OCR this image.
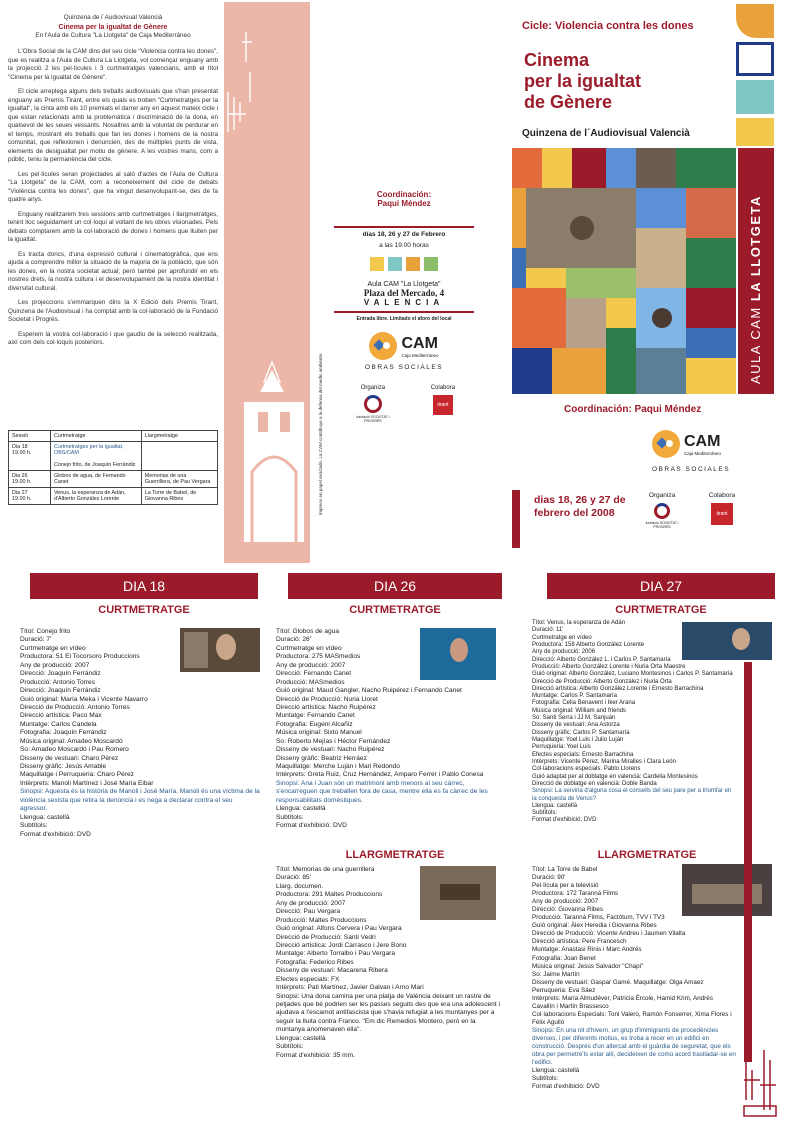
Quinzena de l´Audiovisual Valencià
Cinema per la igualtat de Gènere
En l'Aula de Cultura "La Llotgeta" de Caja Mediterráneo

L'Obra Social de la CAM dins del seu cicle "Violencia contra les dones", que es realitza a l'Aula de Cultura La Llotgeta, vol començar enguany amb la projecció 2 les pel·lícules i 3 curtmetratges valencians, amb el títol "Cinema per la igualtat de Gènere".

El cicle arreplega alguns dels treballs audiovisuals que s'han presentat enguany als Premis Tirant, entre els quals es troben "Curtmetratges per la igualtat", la cinta amb els 10 premiats el darrer any en aquest mateix cicle i que estan relacionats amb la problemàtica i discriminació de la dona, en qualsevol de les seues vessants. Nosaltres amb la voluntat de perdurar en el temps, mostrant els treballs que fan les dones i homens de la nostra comunitat, que reflexionen i denuncien, des de múltiples punts de vista, elements de desigualtat per motiu de gènere. A les vostres mans, com a públic, teniu la permanència del cicle.

Les pel·lícules seran projectades al saló d'actes de l'Aula de Cultura "La Llotgeta" de la CAM, com a reconeixement del cicle de debats "Violència contra les dones", que ha vingut desenvolupant-se, des de fa quatre anys.

Enguany realitzarem tres sessions amb curtmetratges i llargmetratges, tenint lloc seguidament un col·loqui al voltant de les obres visionades. Pels debats comptarem amb la col·laboració de dones i homens que lluiten per la igualtat.

Es tracta doncs, d'una expressió cultural i cinematogràfica, que ens ajuda a comprendre millor la situació de la majoria de la població, que són les dones, en la nostra societat actual; però també per aprofundir en els nostres drets, la nostra cultura i el desenvolupament de la nostra identitat i diversitat cultural.

Les projeccions s'emmarquen dins la X Edició dels Premis Tirant, Quinzena de l'Audiovisual i ha comptat amb la col·laboració de la Fundació Societat i Progrés.

Esperem la vostra col·laboració i que gaudiu de la selecció realitzada, així com dels col·loquis posteriors.

Sessió	Curtmetratge	Llargmetratge
Dia 18
19.00 h.	Curtmetratges per la igualtat, OBS/CAM

Conejo frito, de Joaquín Ferrándiz	
Dia 26
19.00 h.	Globos de agua, de Fernando Canet	Memorias de una Guerrillera, de Pau Vergara
Dia 27
19.00 h.	Venus, la esperanza de Adán, d'Alberto González Lorente	La Torre de Babel, de Giovanna Ribes	Impreso en papel reciclado. La CAM contribuye a la defensa del medio ambiente.
Coordinación:
Paqui Méndez
días 18, 26 y 27 de Febrero
a las 19.00 horas
Aula CAM "La Llotgeta"
Plaza del Mercado, 4
VALENCIA
Entrada libre. Limitado el aforo del local
CAM
Caja Mediterráneo
OBRAS SOCIALES
Organiza
fundació SOCIETAT i PROGRÉS
Colabora
tirant
Cicle: Violencia contra les dones
Cinema
per la igualtat
de Gènere
Quinzena de l´Audiovisual Valencià
AULA CAM LA LLOTGETA
Coordinación: Paqui Méndez
CAM
Caja Mediterráneo
OBRAS SOCIALES
dias 18, 26 y 27 de
febrero del 2008
Organiza
fundació SOCIETAT i PROGRÉS
Colabora
tirant
DIA 18	DIA 26	DIA 27
CURTMETRATGE	CURTMETRATGE	CURTMETRATGE
Títol: Conejo frito
Duració: 7'
Curtmetratge en vídeo
Productora: 51 El Tocorsoro Produccions
Any de producció: 2007
Direcció: Joaquín Ferrándiz
Producció: Antonio Torres
Direcció: Joaquín Ferrándiz
Guió original: María Meka i Vicente Navarro
Direcció de Producció: Antonio Torres
Direcció artística: Paco Max
Muntatge: Carlos Candela
Fotografia: Joaquín Ferrándiz
Música original: Amadeo Moscardó
So: Amadeo Moscardó i Pau Romero
Disseny de vestuari: Charo Pérez
Disseny gràfic: Jesús Amable
Maquillatge i Perruqueria: Charo Pérez
Intèrprets: Manoli Martínez i José María Eibar
Sinopsi: Aquesta és la història de Manoli i José María. Manoli és una víctima de la violència sexista que retira la denúncia i es nega a declarar contra el seu agressor.
Llengua: castellà
Subtítols:
Format d'exhibició: DVD
Títol: Globos de agua
Duració: 26'
Curtmetratge en vídeo
Productora: 275 MASmedios
Any de producció: 2007
Direcció: Fernando Canet
Producció: MASmedios
Guió original: Maud Gangler, Nacho Ruipérez i Fernando Canet
Direcció de Producció: Nuria Lloret
Direcció artística: Nacho Ruipérez
Muntatge: Fernando Canet
Fotografia: Eugeni Alcañiz
Música original: Sixto Manuel
So: Roberto Mejías i Héctor Fernández
Disseny de vestuari: Nacho Ruipérez
Disseny gràfic: Beatriz Herráez
Maquillatge: Merche Luján i Mari Redondo
Intèrprets: Greta Ruiz, Cruz Hernández, Amparo Ferrer i Pablo Conesa
Sinopsi: Ana i Juan són un matrimoni amb menors al seu càrrec, s'encarreguen que treballen fora de casa, mentre ella es fa càrrec de les responsabilitats domèstiques.
Llengua: castellà
Subtítols:
Format d'exhibició: DVD
LLARGMETRATGE
Títol: Memorias de una guerrillera
Duració: 85'
Llarg. documen.
Productora: 291 Maltes Produccions
Any de producció: 2007
Direcció: Pau Vergara
Producció: Maltes Produccions
Guió original: Alfons Cervera i Pau Vergara
Direcció de Producció: Santi Vedri
Direcció artística: Jordi Carrasco i Jere Bono
Muntatge: Alberto Torralbo i Pau Vergara
Fotografia: Federico Ribes
Disseny de vestuari: Macarena Ribera
Efectes especials: FX
Intèrprets: Pati Martínez, Javier Galvan i Arno Mari
Sinopsi: Una dona camina per una platja de València deixant un rastre de petjades que bé podrien ser les passes seguits des que era una adolescent i ajudava a l'escamot antifascista que s'havia refugiat a les muntanyes per a seguir la lluita contra Franco. "Em dic Remedios Montero, però en la muntanya anomenaven ella".
Llengua: castellà
Subtítols:
Format d'exhibició: 35 mm.
Títol: Venus, la esperanza de Adán
Duració: 11'
Curtmetratge en vídeo
Productora: 158 Alberto González Lorente
Any de producció: 2006
Direcció: Alberto González L. i Carlos P. Santamaría
Producció: Alberto González Lorente i Nuria Orta Maestre
Guió original: Alberto González, Luciano Montesinos i Carlos P. Santamaría
Direcció de Producció: Alberto González i Nuria Orta
Direcció artística: Alberto González Lorente i Ernesto Barrachina
Muntatge: Carlos P. Santamaría
Fotografia: Celia Benavent i Iker Arana
Música original: William and friends
So: Santi Serra i JJ M. Sanjuán
Disseny de vestuari: Ana Astorza
Disseny gràfic: Carlos P. Santamaría
Maquillatge: Yoel Luis i Julio Luján
Perruqueria: Yoel Luis
Efectes especials: Ernesto Barrachina
Intèrprets: Vicente Pérez, Marina Miralles i Clara León
Col·laboracions especials: Pablo Llorens
Guió adaptat per al doblatge en valencià: Cardelia Montesinos
Direcció de doblatge en valencià: Doble Banda
Sinopsi: La serviria d'alguna cosa el consells del seu pare per a triomfar en la conquesta de Venus?
Llengua: castellà
Subtítols:
Format d'exhibició: DVD
LLARGMETRATGE
Títol: La Torre de Babel
Duració: 90'
Pel·lícula per a televisió
Productora: 172 Taranná Films
Any de producció: 2007
Direcció: Giovanna Ribes
Producció: Taranná Films, Factótum, TVV i TV3
Guió original: Àlex Heredia i Giovanna Ribes
Direcció de Producció: Vicente Andreu i Jaumen Vilalta
Direcció artística: Pere Francesch
Muntatge: Anastasi Rinis i Marc Andrés
Fotografia: Joan Benet
Música original: Jesús Salvador "Chapi"
So: Jaime Martín
Disseny de vestuari: Gaspar Gamé. Maquillatge: Olga Amaez
Perruqueria: Eva Sáez
Intèrprets: María Almudéver, Patricia Ércole, Hamid Krim, Andrés Cavallín i Martín Brassesco
Col·laboracions Especials: Toni Valero, Ramón Fonserrer, Xima Flores i Fèlix Agulló
Sinopsi: En una nit d'hivern, un grup d'immigrants de procedències diverses, i per diferents motius, es troba a recer en un edifici en construcció. Després d'un altercat amb el guàrdia de seguretat, que els obra per permetre'ls estar allí, decideixen de comú acord traslladar-se en l'edifici.
Llengua: castellà
Subtítols:
Format d'exhibició: DVD
